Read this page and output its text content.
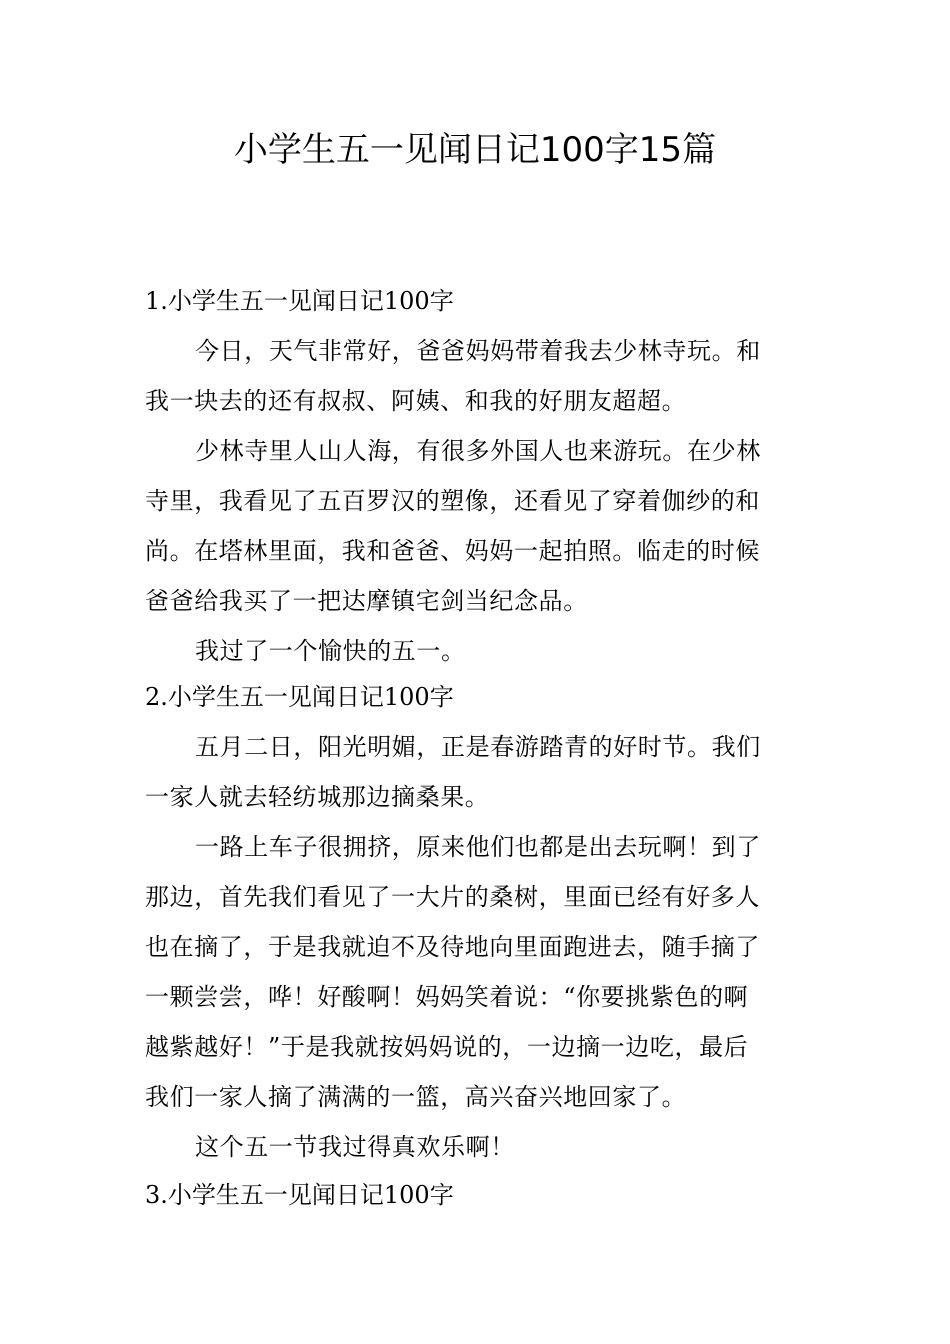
小学生五一见闻日记100字15篇
1.小学生五一见闻日记100字
今日，天气非常好，爸爸妈妈带着我去少林寺玩。和
我一块去的还有叔叔、阿姨、和我的好朋友超超。
少林寺里人山人海，有很多外国人也来游玩。在少林
寺里，我看见了五百罗汉的塑像，还看见了穿着伽纱的和
尚。在塔林里面，我和爸爸、妈妈一起拍照。临走的时候
爸爸给我买了一把达摩镇宅剑当纪念品。
我过了一个愉快的五一。
2.小学生五一见闻日记100字
五月二日，阳光明媚，正是春游踏青的好时节。我们
一家人就去轻纺城那边摘桑果。
一路上车子很拥挤，原来他们也都是出去玩啊！到了
那边，首先我们看见了一大片的桑树，里面已经有好多人
也在摘了，于是我就迫不及待地向里面跑进去，随手摘了
一颗尝尝，哗！好酸啊！妈妈笑着说：“你要挑紫色的啊
越紫越好！”于是我就按妈妈说的，一边摘一边吃，最后
我们一家人摘了满满的一篮，高兴奋兴地回家了。
这个五一节我过得真欢乐啊！
3.小学生五一见闻日记100字
